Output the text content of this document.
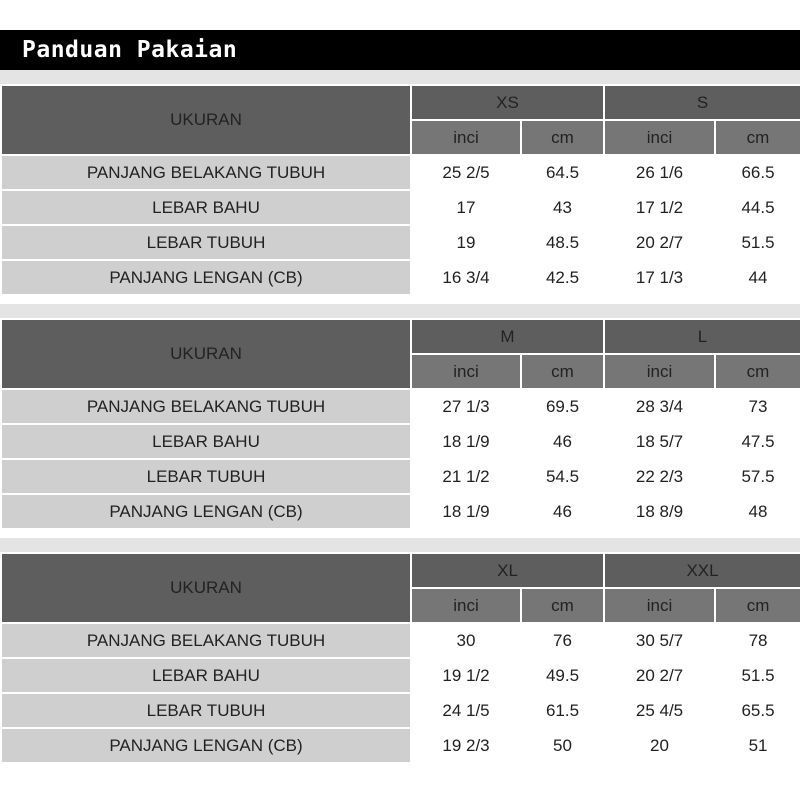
Panduan Pakaian
UKURAN	XS		S	
	inci	cm	inci	cm
PANJANG BELAKANG TUBUH	25 2/5	64.5	26 1/6	66.5
LEBAR BAHU	17	43	17 1/2	44.5
LEBAR TUBUH	19	48.5	20 2/7	51.5
PANJANG LENGAN (CB)	16 3/4	42.5	17 1/3	44
UKURAN	M		L	
	inci	cm	inci	cm
PANJANG BELAKANG TUBUH	27 1/3	69.5	28 3/4	73
LEBAR BAHU	18 1/9	46	18 5/7	47.5
LEBAR TUBUH	21 1/2	54.5	22 2/3	57.5
PANJANG LENGAN (CB)	18 1/9	46	18 8/9	48
UKURAN	XL		XXL	
	inci	cm	inci	cm
PANJANG BELAKANG TUBUH	30	76	30 5/7	78
LEBAR BAHU	19 1/2	49.5	20 2/7	51.5
LEBAR TUBUH	24 1/5	61.5	25 4/5	65.5
PANJANG LENGAN (CB)	19 2/3	50	20	51
